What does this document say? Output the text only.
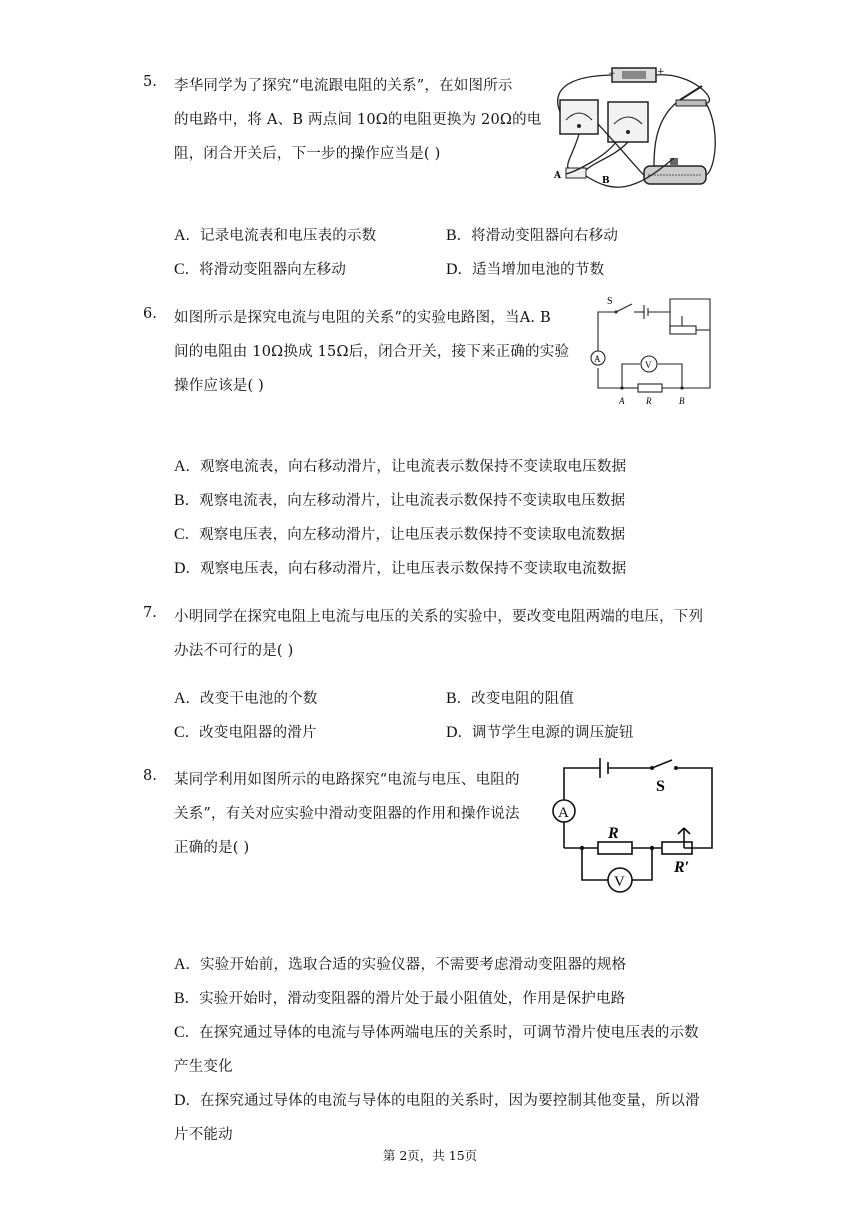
5. 李华同学为了探究“电流跟电阻的关系”，在如图所示
的电路中，将 A、B 两点间 10Ω的电阻更换为 20Ω的电
阻，闭合开关后，下一步的操作应当是( )
−	+
A	B
A. 记录电流表和电压表的示数	B. 将滑动变阻器向右移动
C. 将滑动变阻器向左移动	D. 适当增加电池的节数
6. 如图所示是探究电流与电阻的关系”的实验电路图，当A. B
间的电阻由 10Ω换成 15Ω后，闭合开关，接下来正确的实验
操作应该是( )
S
A
V
A R	B
A. 观察电流表，向右移动滑片，让电流表示数保持不变读取电压数据
B. 观察电流表，向左移动滑片，让电流表示数保持不变读取电压数据
C. 观察电压表，向左移动滑片，让电压表示数保持不变读取电流数据
D. 观察电压表，向右移动滑片，让电压表示数保持不变读取电流数据
7. 小明同学在探究电阻上电流与电压的关系的实验中，要改变电阻两端的电压，下列
办法不可行的是( )
A. 改变干电池的个数	B. 改变电阻的阻值
C. 改变电阻器的滑片	D. 调节学生电源的调压旋钮
8. 某同学利用如图所示的电路探究“电流与电压、电阻的
关系”，有关对应实验中滑动变阻器的作用和操作说法
正确的是( )
S
A
R
R′
V
A. 实验开始前，选取合适的实验仪器，不需要考虑滑动变阻器的规格
B. 实验开始时，滑动变阻器的滑片处于最小阻值处，作用是保护电路
C. 在探究通过导体的电流与导体两端电压的关系时，可调节滑片使电压表的示数
产生变化
D. 在探究通过导体的电流与导体的电阻的关系时，因为要控制其他变量，所以滑
片不能动
第 2页，共 15页
